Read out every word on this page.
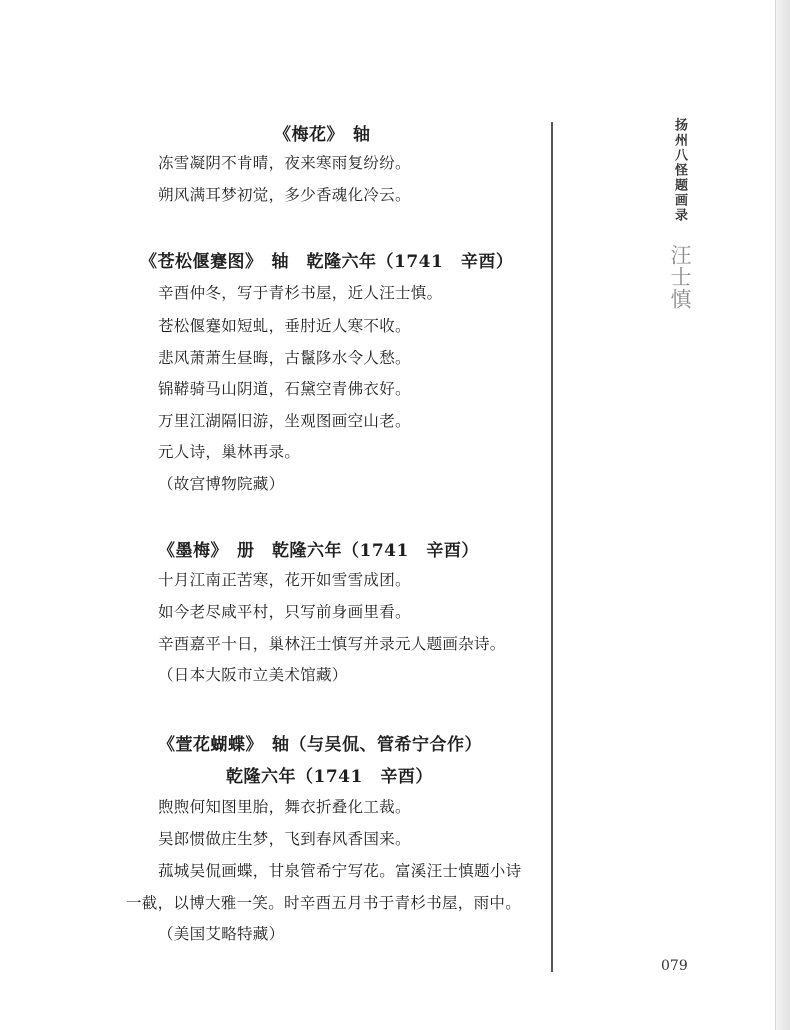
《梅花》　轴

冻雪凝阴不肯晴，夜来寒雨复纷纷。

朔风满耳梦初觉，多少香魂化冷云。

《苍松偃蹇图》　轴　乾隆六年（1741　辛酉）

辛酉仲冬，写于青杉书屋，近人汪士慎。

苍松偃蹇如短虬，垂肘近人寒不收。

悲风萧萧生昼晦，古鬣陊水令人愁。

锦鞯骑马山阴道，石黛空青佛衣好。

万里江湖隔旧游，坐观图画空山老。

元人诗，巢林再录。

（故宫博物院藏）

《墨梅》　册　乾隆六年（1741　辛酉）

十月江南正苦寒，花开如雪雪成团。

如今老尽咸平村，只写前身画里看。

辛酉嘉平十日，巢林汪士慎写并录元人题画杂诗。

（日本大阪市立美术馆藏）

《萱花蝴蝶》　轴（与吴侃、管希宁合作）
乾隆六年（1741　辛酉）

煦煦何知图里胎，舞衣折叠化工裁。

吴郎惯做庄生梦，飞到春风香国来。

菰城吴侃画蝶，甘泉管希宁写花。富溪汪士慎题小诗

一截，以博大雅一笑。时辛酉五月书于青杉书屋，雨中。

（美国艾略特藏）

扬州八怪题画录
汪士慎
079
